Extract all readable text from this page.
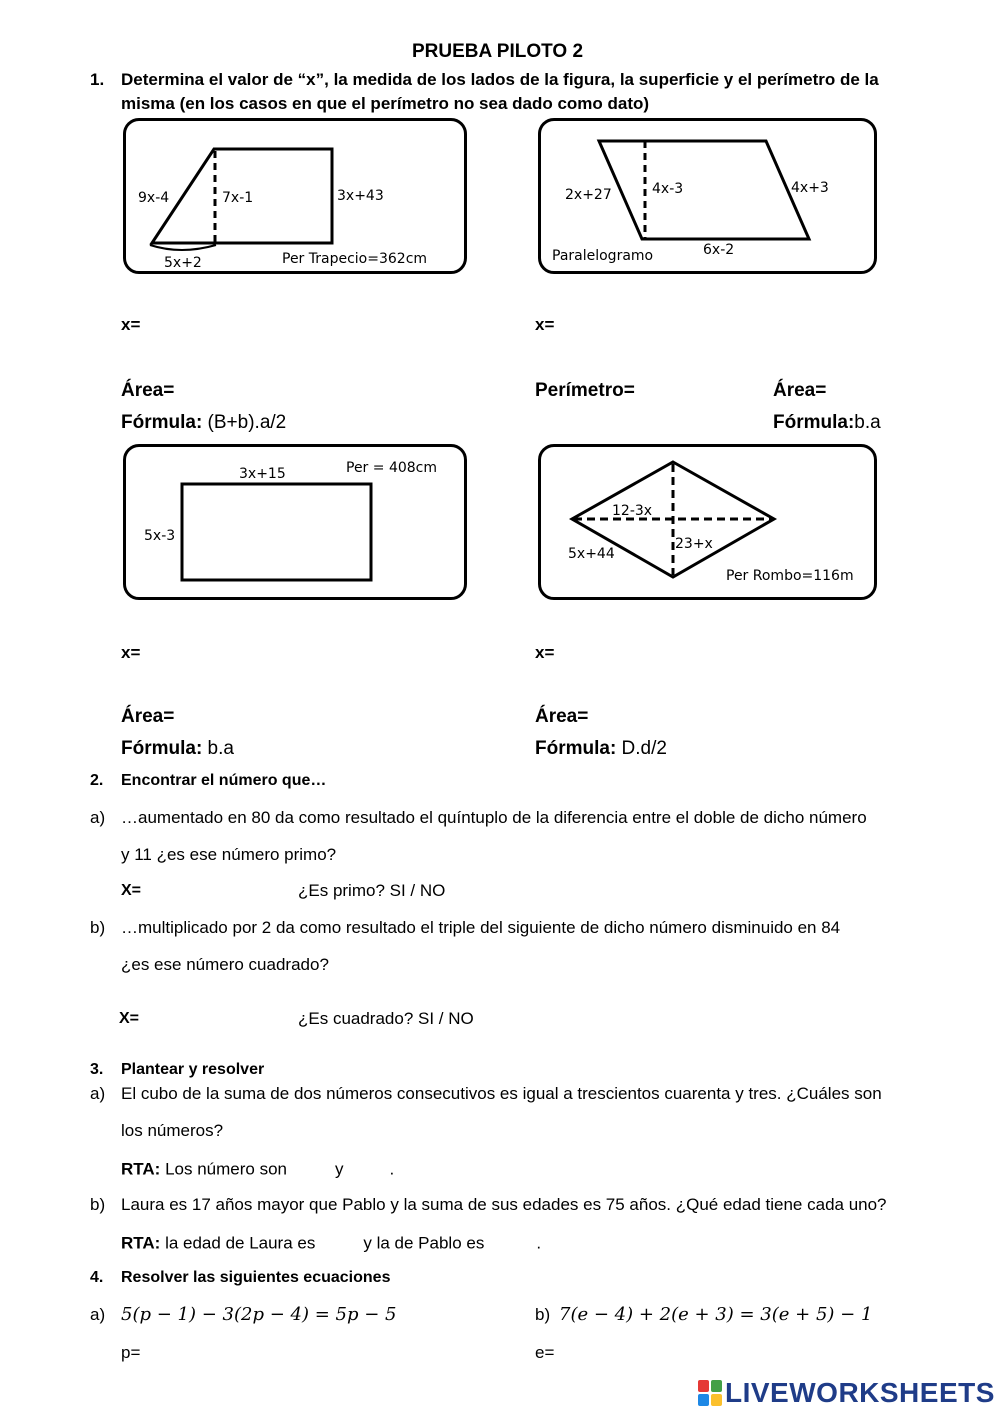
PRUEBA PILOTO 2
1. Determina el valor de “x”, la medida de los lados de la figura, la superficie y el perímetro de la
misma (en los casos en que el perímetro no sea dado como dato)
9x-4	7x-1	3x+43
5x+2	Per Trapecio=362cm
2x+27	4x-3	4x+3
6x-2
Paralelogramo
x=	x=
Área=	Perímetro=	Área=
Fórmula: (B+b).a/2	Fórmula:b.a
3x+15
5x-3
Per = 408cm
12-3x
23+x
5x+44
Per Rombo=116m
x=	x=
Área=	Área=
Fórmula: b.a	Fórmula: D.d/2
2. Encontrar el número que…
a) …aumentado en 80 da como resultado el quíntuplo de la diferencia entre el doble de dicho número
y 11 ¿es ese número primo?
X=	¿Es primo? SI / NO
b) …multiplicado por 2 da como resultado el triple del siguiente de dicho número disminuido en 84
¿es ese número cuadrado?
X=	¿Es cuadrado? SI / NO
3. Plantear y resolver
a) El cubo de la suma de dos números consecutivos es igual a trescientos cuarenta y tres. ¿Cuáles son
los números?
RTA: Los número son	y	.
b) Laura es 17 años mayor que Pablo y la suma de sus edades es 75 años. ¿Qué edad tiene cada uno?
RTA: la edad de Laura es	y la de Pablo es	.
4. Resolver las siguientes ecuaciones
a) 5(p − 1) − 3(2p − 4) = 5p − 5	b) 7(e − 4) + 2(e + 3) = 3(e + 5) − 1
p=	e=
LIVEWORKSHEETS
